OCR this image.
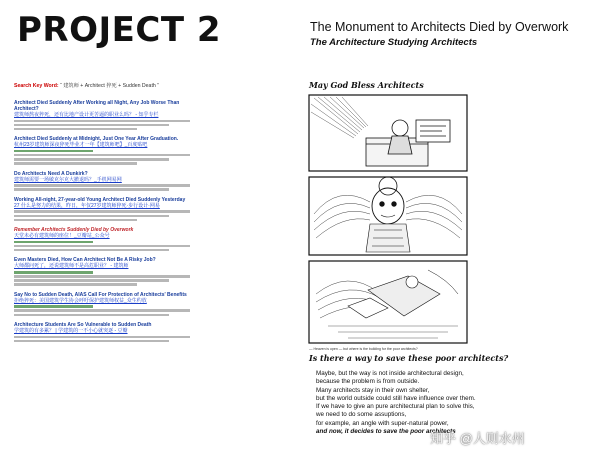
PROJECT 2	The Monument to Architects Died by Overwork
The Architecture Studying Architects
Search Key Word: “ 建筑师 + Architect 猝死 + Sudden Death ”
Architect Died Suddenly After Working all Night, Any Job Worse Than Architect?
建筑师熬夜猝死，还有比地产设计更苦逼的职业么吗？ - 知乎专栏
Architect Died Suddenly at Midnight, Just One Year After Graduation.
杭州23岁建筑师深夜猝死毕业才一年【建筑师吧】_百度贴吧
Do Architects Need A Dunkirk?
建筑师需要一场敏克尔克大撤退吗？_手机网易网
Working All-night, 27-year-old Young Architect Died Suddenly Yesterday
27 什么是努力的结果，昨日，年仅27岁建筑师猝死·步行设计·网易
Remember Architects Suddenly Died by Overwork
天堂未必有建筑师的座位！_豆瓣站_公众号
Even Masters Died, How Can Architect Not Be A Risky Job?
大师都问死了，还说建筑师不是高危职业？ - 建筑师
Say No to Sudden Death, AIAS Call For Protection of Architects' Benefits
拒绝猝死：美国建筑学生协会呼吁保护建筑师权益_众生约放
Architecture Students Are So Vulnerable to Sudden Death
学建筑的有多累？ | 学建筑的一不小心就突逐 - 豆瓣
May God Bless Architects
— Heaven is open — but where is the building for the poor architects?
Is there a way to save these poor architects?
Maybe, but the way is not inside architectural design,
because the problem is from outside.
Many architects stay in their own shelter,
but the world outside could still have influence over them.
If we have to give an pure architectural plan to solve this,
we need to do some assuptions,
for example, an angle with super-natural power,
and now, it decides to save the poor architects
知乎 @人则水州
